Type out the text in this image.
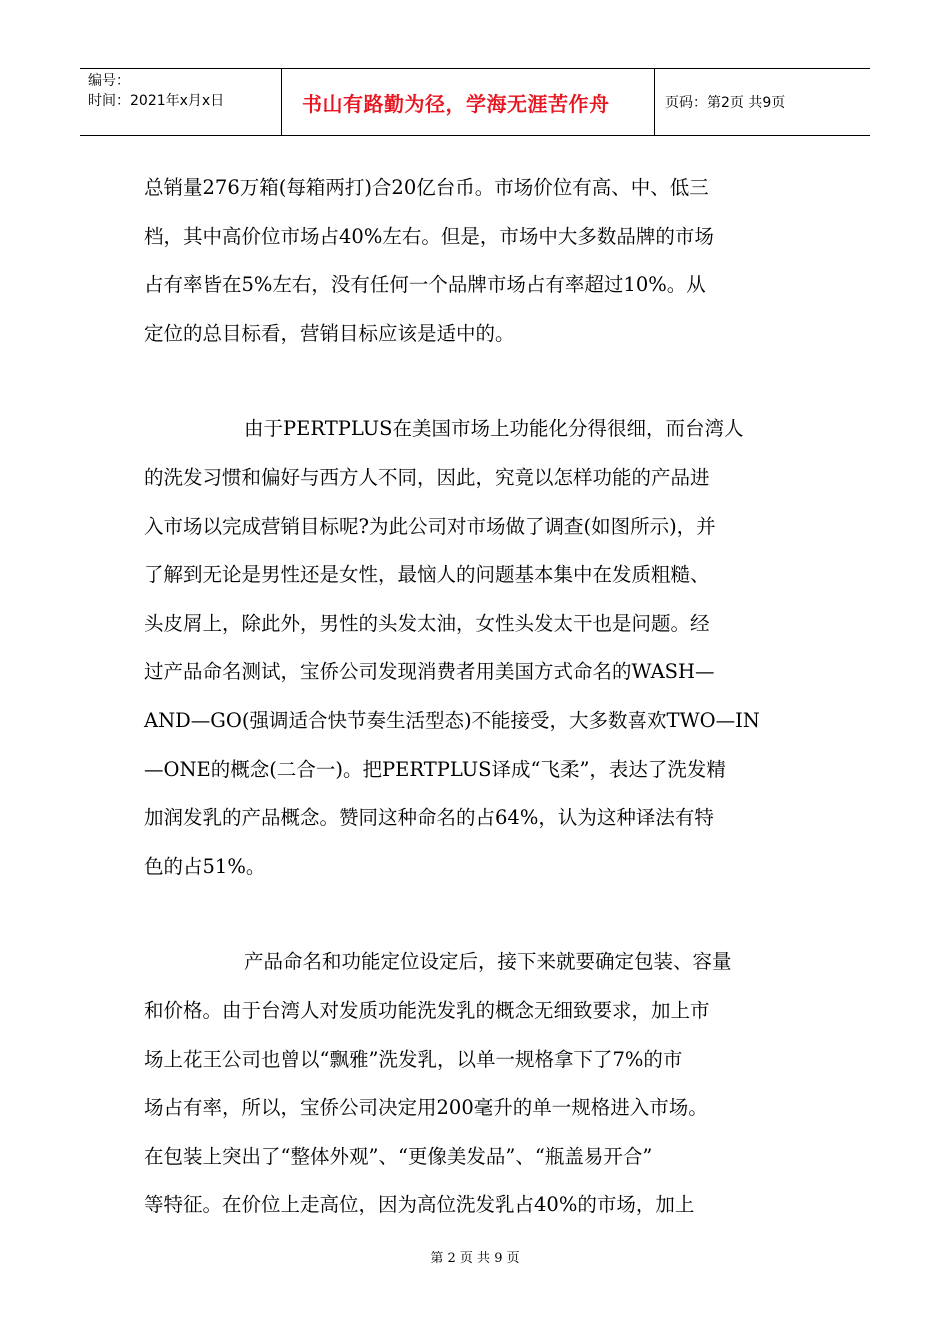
编号：
时间：2021年x月x日	书山有路勤为径，学海无涯苦作舟	页码：第2页 共9页
总销量276万箱(每箱两打)合20亿台币。市场价位有高、中、低三
档，其中高价位市场占40%左右。但是，市场中大多数品牌的市场
占有率皆在5%左右，没有任何一个品牌市场占有率超过10%。从
定位的总目标看，营销目标应该是适中的。
由于PERTPLUS在美国市场上功能化分得很细，而台湾人
的洗发习惯和偏好与西方人不同，因此，究竟以怎样功能的产品进
入市场以完成营销目标呢?为此公司对市场做了调查(如图所示)，并
了解到无论是男性还是女性，最恼人的问题基本集中在发质粗糙、
头皮屑上，除此外，男性的头发太油，女性头发太干也是问题。经
过产品命名测试，宝侨公司发现消费者用美国方式命名的WASH—
AND—GO(强调适合快节奏生活型态)不能接受，大多数喜欢TWO—IN
—ONE的概念(二合一)。把PERTPLUS译成“飞柔”，表达了洗发精
加润发乳的产品概念。赞同这种命名的占64%，认为这种译法有特
色的占51%。
产品命名和功能定位设定后，接下来就要确定包装、容量
和价格。由于台湾人对发质功能洗发乳的概念无细致要求，加上市
场上花王公司也曾以“飘雅”洗发乳，以单一规格拿下了7%的市
场占有率，所以，宝侨公司决定用200毫升的单一规格进入市场。
在包装上突出了“整体外观”、“更像美发品”、“瓶盖易开合”
等特征。在价位上走高位，因为高位洗发乳占40%的市场，加上
第 2 页 共 9 页
